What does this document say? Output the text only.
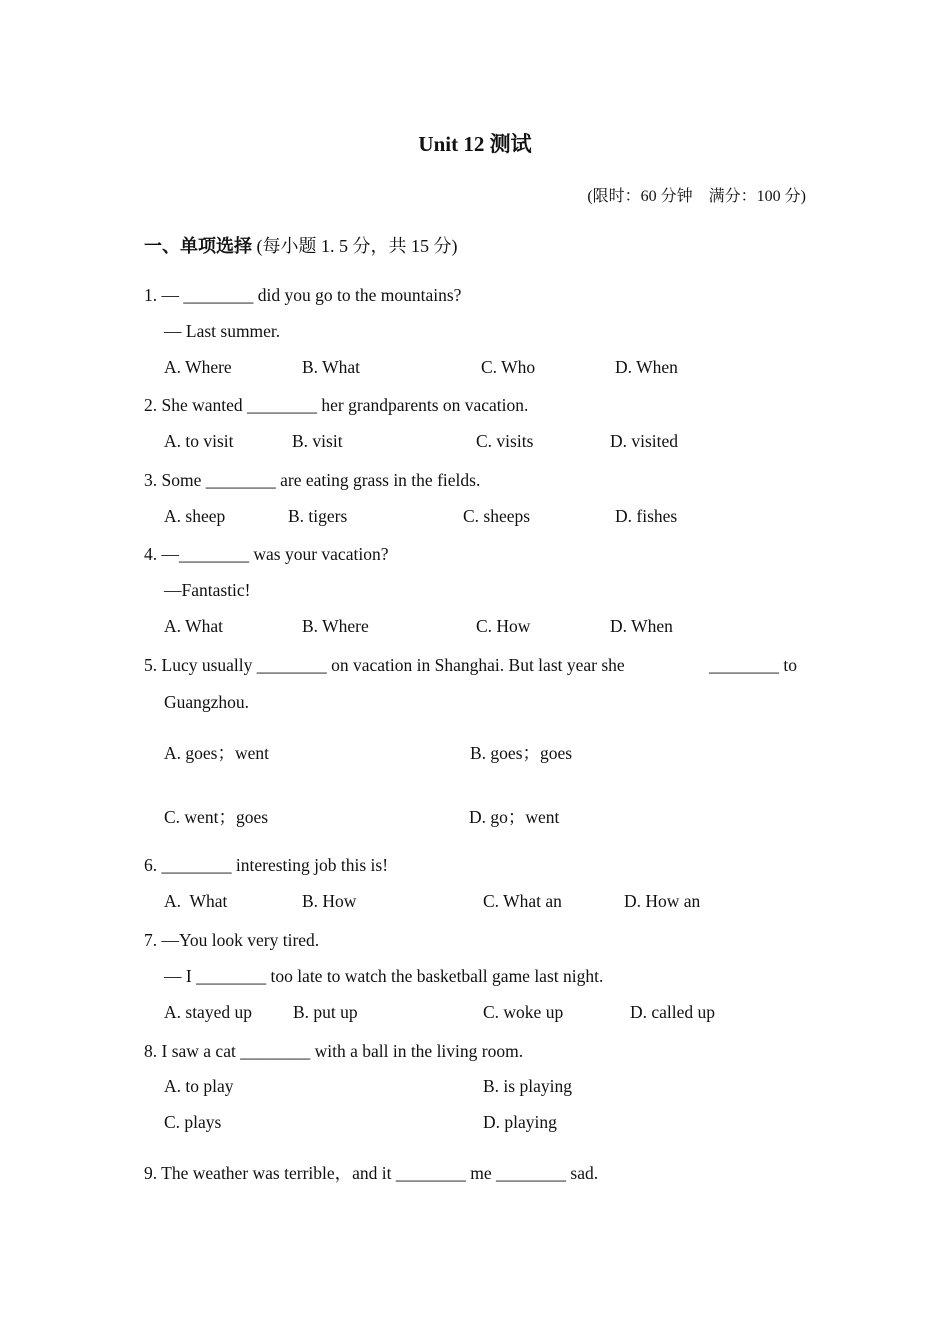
Unit 12 测试
(限时：60 分钟　满分：100 分)
一、单项选择 (每小题 1. 5 分，共 15 分)
1. — ________ did you go to the mountains?
— Last summer.
A. Where	B. What	C. Who	D. When
2. She wanted ________ her grandparents on vacation.
A. to visit	B. visit	C. visits	D. visited
3. Some ________ are eating grass in the fields.
A. sheep	B. tigers	C. sheeps	D. fishes
4. —________ was your vacation?
—Fantastic!
A. What	B. Where	C. How	D. When
5. Lucy usually ________ on vacation in Shanghai. But last year she	________ to
Guangzhou.
A. goes；went	B. goes；goes
C. went；goes	D. go；went
6. ________ interesting job this is!
A.  What	B. How	C. What an	D. How an
7. —You look very tired.
— I ________ too late to watch the basketball game last night.
A. stayed up B. put up	C. woke up	D. called up
8. I saw a cat ________ with a ball in the living room.
A. to play	B. is playing
C. plays	D. playing
9. The weather was terrible，and it ________ me ________ sad.
